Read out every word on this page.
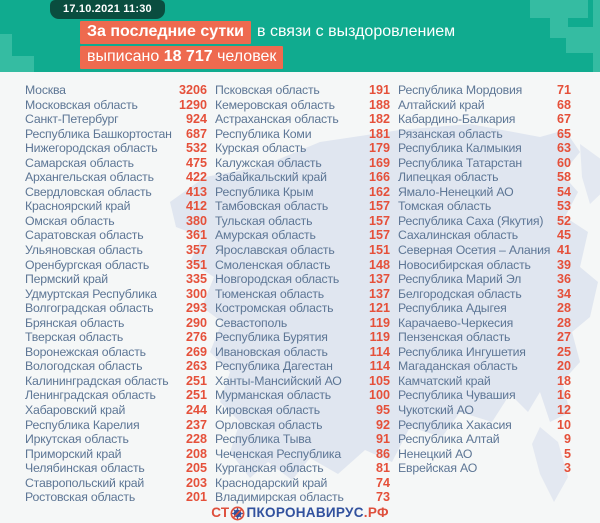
17.10.2021 11:30
За последние сутки в связи с выздоровлением
выписано 18 717 человек
Москва	3206
Московская область	1290
Санкт-Петербург	924
Республика Башкортостан 687
Нижегородская область 532
Самарская область	475
Архангельская область	422
Свердловская область	413
Красноярский край	412
Омская область	380
Саратовская область	361
Ульяновская область	357
Оренбургская область	351
Пермский край	335
Удмуртская Республика 300
Волгоградская область	293
Брянская область	290
Тверская область	276
Воронежская область	269
Вологодская область	263
Калининградская область 251
Ленинградская область 251
Хабаровский край	244
Республика Карелия	237
Иркутская область	228
Приморский край	208
Челябинская область	205
Ставропольский край	203
Ростовская область	201
Псковская область	191
Кемеровская область	188
Астраханская область 182
Республика Коми	181
Курская область	179
Калужская область	169
Забайкальский край	166
Республика Крым	162
Тамбовская область	157
Тульская область	157
Амурская область	157
Ярославская область	151
Смоленская область	148
Новгородская область 137
Тюменская область	137
Костромская область	121
Севастополь	119
Республика Бурятия	119
Ивановская область	114
Республика Дагестан	114
Ханты-Мансийский АО 105
Мурманская область	100
Кировская область	95
Орловская область	92
Республика Тыва	91
Чеченская Республика	86
Курганская область	81
Краснодарский край	74
Владимирская область	73
Республика Мордовия	71
Алтайский край	68
Кабардино-Балкария	67
Рязанская область	65
Республика Калмыкия	63
Республика Татарстан	60
Липецкая область	58
Ямало-Ненецкий АО	54
Томская область	53
Республика Саха (Якутия) 52
Сахалинская область	45
Северная Осетия – Алания 41
Новосибирская область 39
Республика Марий Эл	36
Белгородская область	34
Республика Адыгея	28
Карачаево-Черкесия	28
Пензенская область	27
Республика Ингушетия 25
Магаданская область	20
Камчатский край	18
Республика Чувашия	16
Чукотский АО	12
Республика Хакасия	10
Республика Алтай	9
Ненецкий АО	5
Еврейская АО	3
СТ ПКОРОНАВИРУС .РФ
